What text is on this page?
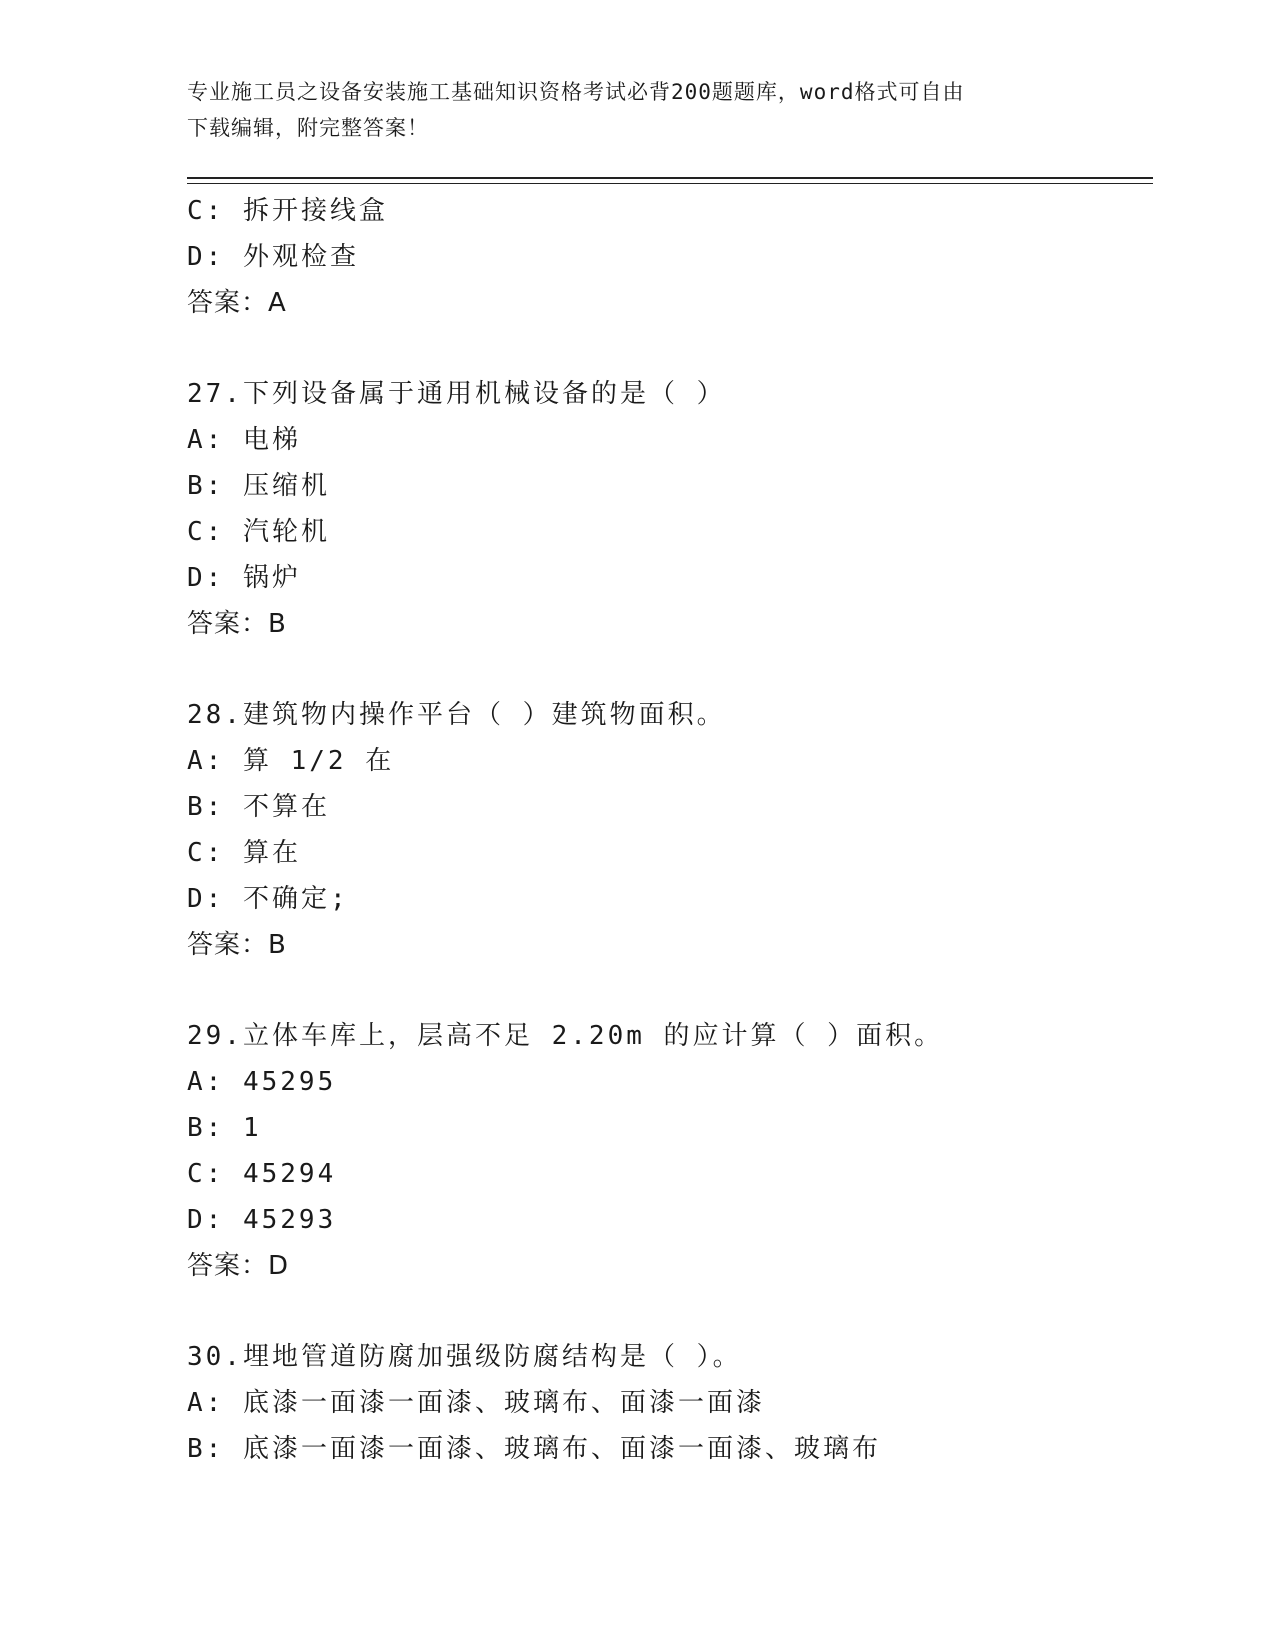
专业施工员之设备安装施工基础知识资格考试必背200题题库，word格式可自由
下载编辑，附完整答案！
C: 拆开接线盒
D: 外观检查
答案：A
27.下列设备属于通用机械设备的是（ ）
A: 电梯
B: 压缩机
C: 汽轮机
D: 锅炉
答案：B
28.建筑物内操作平台（ ）建筑物面积。
A: 算 1/2 在
B: 不算在
C: 算在
D: 不确定;
答案：B
29.立体车库上，层高不足 2.20m 的应计算（ ）面积。
A: 45295
B: 1
C: 45294
D: 45293
答案：D
30.埋地管道防腐加强级防腐结构是（ ）。
A: 底漆一面漆一面漆、玻璃布、面漆一面漆
B: 底漆一面漆一面漆、玻璃布、面漆一面漆、玻璃布
